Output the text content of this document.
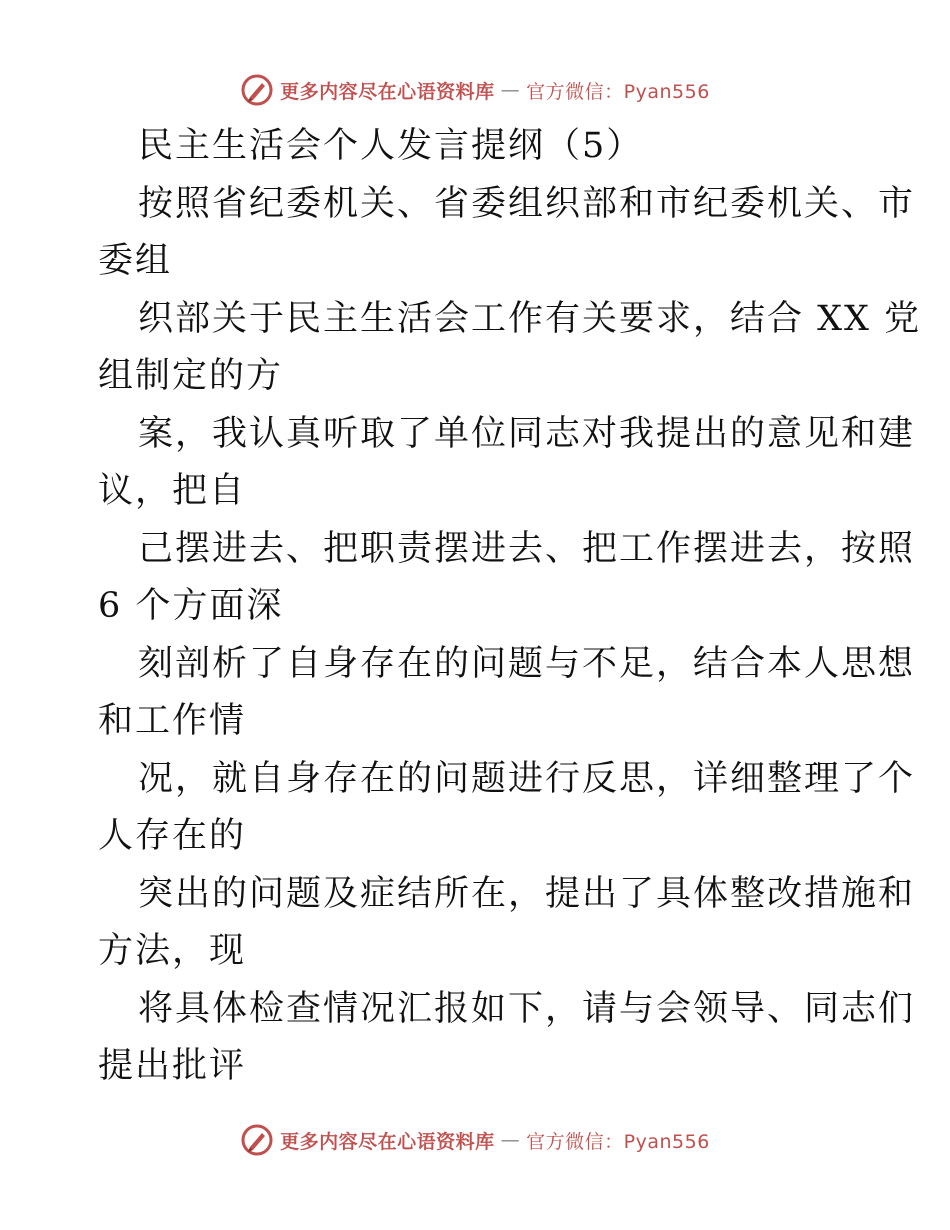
更多内容尽在心语资料库 — 官方微信：Pyan556
民主生活会个人发言提纲（5）
按照省纪委机关、省委组织部和市纪委机关、市
委组
织部关于民主生活会工作有关要求，结合 XX 党
组制定的方
案，我认真听取了单位同志对我提出的意见和建
议，把自
己摆进去、把职责摆进去、把工作摆进去，按照
6 个方面深
刻剖析了自身存在的问题与不足，结合本人思想
和工作情
况，就自身存在的问题进行反思，详细整理了个
人存在的
突出的问题及症结所在，提出了具体整改措施和
方法，现
将具体检查情况汇报如下，请与会领导、同志们
提出批评
更多内容尽在心语资料库 — 官方微信：Pyan556
